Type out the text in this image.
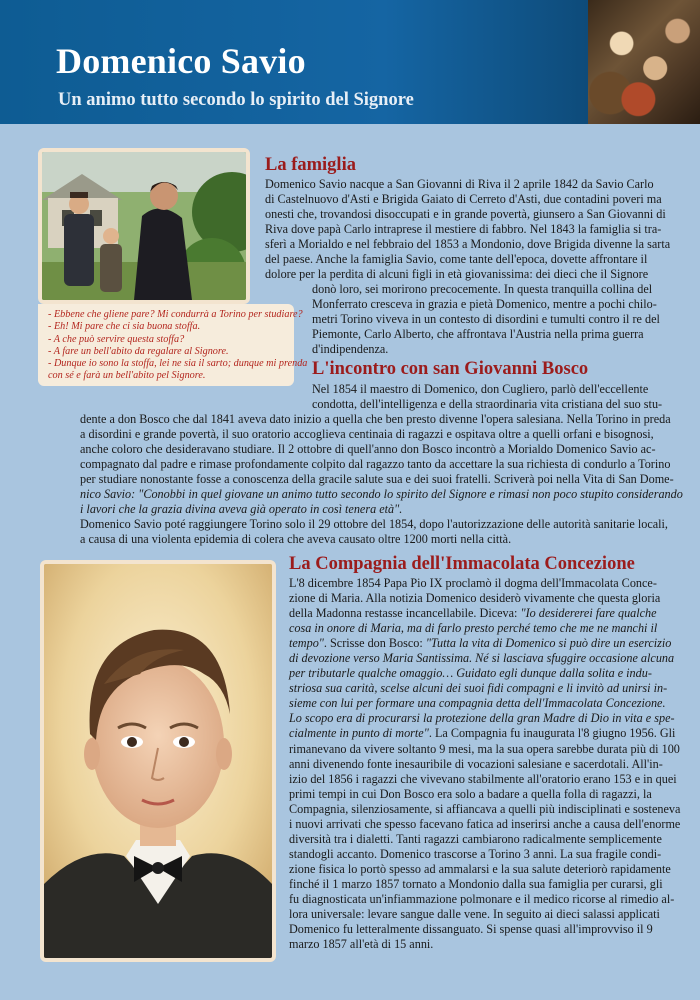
Domenico Savio

Un animo tutto secondo lo spirito del Signore

- Ebbene che gliene pare? Mi condurrà a Torino per studiare?
- Eh! Mi pare che ci sia buona stoffa.
- A che può servire questa stoffa?
- A fare un bell'abito da regalare al Signore.
- Dunque io sono la stoffa, lei ne sia il sarto; dunque mi prenda
con sé e farà un bell'abito pel Signore.
La famiglia
Domenico Savio nacque a San Giovanni di Riva il 2 aprile 1842 da Savio Carlo
di Castelnuovo d'Asti e Brigida Gaiato di Cerreto d'Asti, due contadini poveri ma
onesti che, trovandosi disoccupati e in grande povertà, giunsero a San Giovanni di
Riva dove papà Carlo intraprese il mestiere di fabbro. Nel 1843 la famiglia si tra-
sferì a Morialdo e nel febbraio del 1853 a Mondonio, dove Brigida divenne la sarta
del paese. Anche la famiglia Savio, come tante dell'epoca, dovette affrontare il
dolore per la perdita di alcuni figli in età giovanissima: dei dieci che il Signore
donò loro, sei morirono precocemente. In questa tranquilla collina del
Monferrato cresceva in grazia e pietà Domenico, mentre a pochi chilo-
metri Torino viveva in un contesto di disordini e tumulti contro il re del
Piemonte, Carlo Alberto, che affrontava l'Austria nella prima guerra
d'indipendenza.
L'incontro con san Giovanni Bosco
Nel 1854 il maestro di Domenico, don Cugliero, parlò dell'eccellente
condotta, dell'intelligenza e della straordinaria vita cristiana del suo stu-
dente a don Bosco che dal 1841 aveva dato inizio a quella che ben presto divenne l'opera salesiana. Nella Torino in preda
a disordini e grande povertà, il suo oratorio accoglieva centinaia di ragazzi e ospitava oltre a quelli orfani e bisognosi,
anche coloro che desideravano studiare. Il 2 ottobre di quell'anno don Bosco incontrò a Morialdo Domenico Savio ac-
compagnato dal padre e rimase profondamente colpito dal ragazzo tanto da accettare la sua richiesta di condurlo a Torino
per studiare nonostante fosse a conoscenza della gracile salute sua e dei suoi fratelli. Scriverà poi nella Vita di San Dome-
nico Savio: "Conobbi in quel giovane un animo tutto secondo lo spirito del Signore e rimasi non poco stupito considerando
i lavori che la grazia divina aveva già operato in così tenera età".
Domenico Savio poté raggiungere Torino solo il 29 ottobre del 1854, dopo l'autorizzazione delle autorità sanitarie locali,
a causa di una violenta epidemia di colera che aveva causato oltre 1200 morti nella città.
La Compagnia dell'Immacolata Concezione
L'8 dicembre 1854 Papa Pio IX proclamò il dogma dell'Immacolata Conce-
zione di Maria. Alla notizia Domenico desiderò vivamente che questa gloria
della Madonna restasse incancellabile. Diceva: "Io desidererei fare qualche
cosa in onore di Maria, ma di farlo presto perché temo che me ne manchi il
tempo". Scrisse don Bosco: "Tutta la vita di Domenico si può dire un esercizio
di devozione verso Maria Santissima. Né si lasciava sfuggire occasione alcuna
per tributarle qualche omaggio… Guidato egli dunque dalla solita e indu-
striosa sua carità, scelse alcuni dei suoi fidi compagni e li invitò ad unirsi in-
sieme con lui per formare una compagnia detta dell'Immacolata Concezione.
Lo scopo era di procurarsi la protezione della gran Madre di Dio in vita e spe-
cialmente in punto di morte". La Compagnia fu inaugurata l'8 giugno 1956. Gli
rimanevano da vivere soltanto 9 mesi, ma la sua opera sarebbe durata più di 100
anni divenendo fonte inesauribile di vocazioni salesiane e sacerdotali. All'in-
izio del 1856 i ragazzi che vivevano stabilmente all'oratorio erano 153 e in quei
primi tempi in cui Don Bosco era solo a badare a quella folla di ragazzi, la
Compagnia, silenziosamente, si affiancava a quelli più indisciplinati e sosteneva
i nuovi arrivati che spesso facevano fatica ad inserirsi anche a causa dell'enorme
diversità tra i dialetti. Tanti ragazzi cambiarono radicalmente semplicemente
standogli accanto. Domenico trascorse a Torino 3 anni. La sua fragile condi-
zione fisica lo portò spesso ad ammalarsi e la sua salute deteriorò rapidamente
finché il 1 marzo 1857 tornato a Mondonio dalla sua famiglia per curarsi, gli
fu diagnosticata un'infiammazione polmonare e il medico ricorse al rimedio al-
lora universale: levare sangue dalle vene. In seguito ai dieci salassi applicati
Domenico fu letteralmente dissanguato. Si spense quasi all'improvviso il 9
marzo 1857 all'età di 15 anni.
